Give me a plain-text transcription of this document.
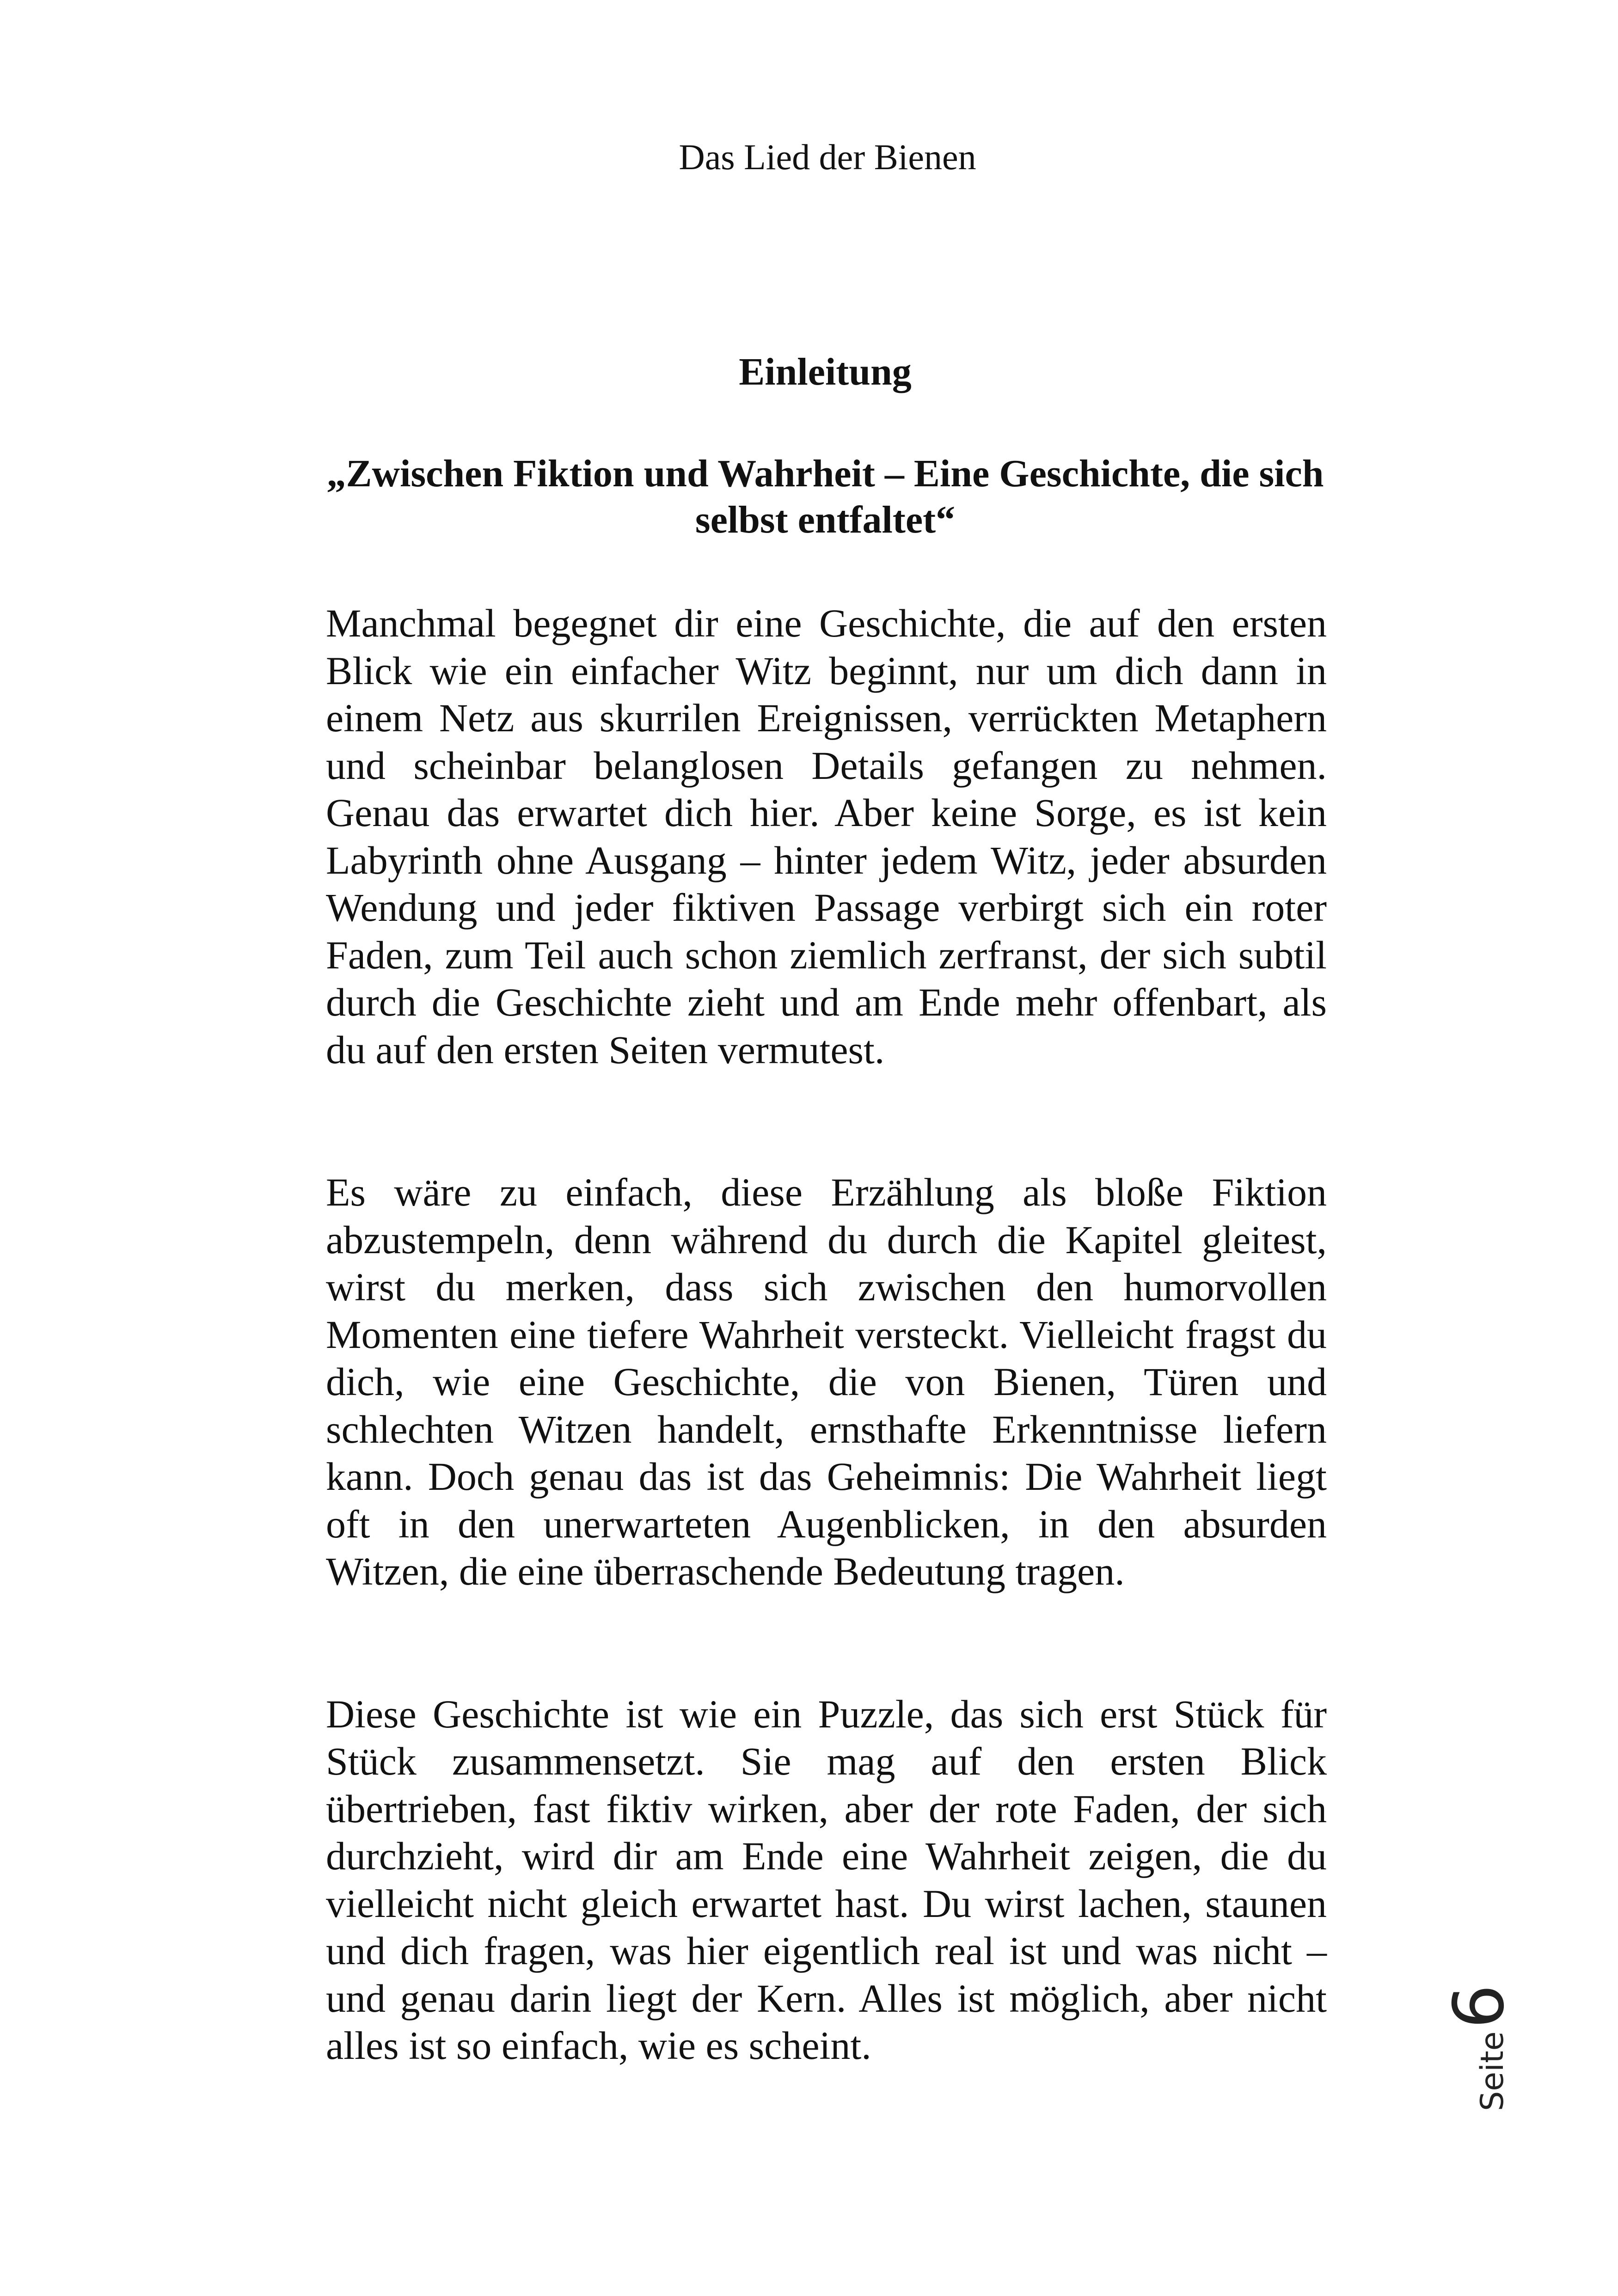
Das Lied der Bienen
Einleitung
„Zwischen Fiktion und Wahrheit – Eine Geschichte, die sich selbst entfaltet“

Manchmal begegnet dir eine Geschichte, die auf den ersten Blick wie ein einfacher Witz beginnt, nur um dich dann in einem Netz aus skurrilen Ereignissen, verrückten Metaphern und scheinbar belanglosen Details gefangen zu nehmen. Genau das erwartet dich hier. Aber keine Sorge, es ist kein Labyrinth ohne Ausgang – hinter jedem Witz, jeder absurden Wendung und jeder fiktiven Passage verbirgt sich ein roter Faden, zum Teil auch schon ziemlich zerfranst, der sich subtil durch die Geschichte zieht und am Ende mehr offenbart, als du auf den ersten Seiten vermutest.

Es wäre zu einfach, diese Erzählung als bloße Fiktion abzustempeln, denn während du durch die Kapitel gleitest, wirst du merken, dass sich zwischen den humorvollen Momenten eine tiefere Wahrheit versteckt. Vielleicht fragst du dich, wie eine Geschichte, die von Bienen, Türen und schlechten Witzen handelt, ernsthafte Erkenntnisse liefern kann. Doch genau das ist das Geheimnis: Die Wahrheit liegt oft in den unerwarteten Augenblicken, in den absurden Witzen, die eine überraschende Bedeutung tragen.

Diese Geschichte ist wie ein Puzzle, das sich erst Stück für Stück zusammensetzt. Sie mag auf den ersten Blick übertrieben, fast fiktiv wirken, aber der rote Faden, der sich durchzieht, wird dir am Ende eine Wahrheit zeigen, die du vielleicht nicht gleich erwartet hast. Du wirst lachen, staunen und dich fragen, was hier eigentlich real ist und was nicht – und genau darin liegt der Kern. Alles ist möglich, aber nicht alles ist so einfach, wie es scheint.	Seite6
